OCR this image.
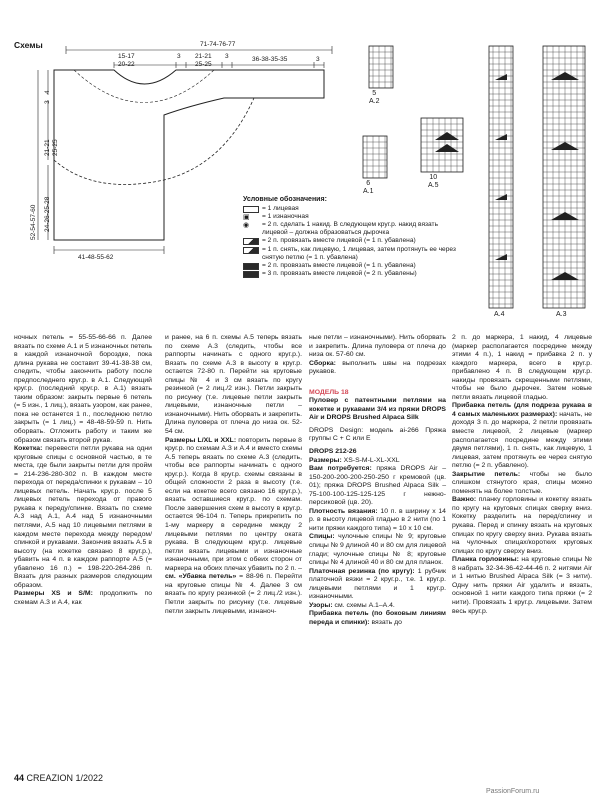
Схемы	71-74-76-77
15-17
20-22
3 21-21
25-25
3	36-38-35-35	3
4
3
21-21
25-25
52-54-57-60 24-26-25-28
41-48-55-62
5
A.2
6
A.1
10
A.5
A.4	A.3
Условные обозначения:
= 1 лицевая
▣	= 1 изнаночная
◉	= 2 п. сделать 1 накид. В следующем круг.р. накид вязать лицевой – должна образоваться дырочка
= 2 п. провязать вместе лицевой (= 1 п. убавлена)
= 1 п. снять, как лицевую, 1 лицевая, затем протянуть ее через снятую петлю (= 1 п. убавлена)
= 2 п. провязать вместе лицевой (= 1 п. убавлена)
= 3 п. провязать вместе лицевой (= 2 п. убавлены)

ночных петель = 55-55-66-66 п. Далее вязать по схеме А.1 и 5 изнаночных петель в каждой изнаночной бороздке, пока длина рукава не составит 39-41-38-38 см, следить, чтобы закончить работу после предпоследнего круг.р. в А.1. Следующий круг.р. (последний круг.р. в А.1) вязать таким образом: закрыть первые 6 петель (= 5 изн., 1 лиц.), вязать узором, как ранее, пока не останется 1 п., последнюю петлю закрыть (= 1 лиц.) = 48-48-59-59 п. Нить оборвать. Отложить работу и таким же образом связать второй рукав.
Кокетка: перевести петли рукава на одни круговые спицы с основной частью, в те места, где были закрыты петли для пройм = 214-236-280-302 п. В каждом месте перехода от переда/спинки к рукавам – 10 лицевых петель. Начать круг.р. после 5 лицевых петель перехода от правого рукава к переду/спинке. Вязать по схеме А.3 над А.1, А.4 над 5 изнаночными петлями, А.5 над 10 лицевыми петлями в каждом месте перехода между передом/спинкой и рукавами. Закончив вязать А.5 в высоту (на кокетке связано 8 круг.р.), убавить на 4 п. в каждом раппорте А.5 (= убавлено 16 п.) = 198-220-264-286 п. Вязать для разных размеров следующим образом.
Размеры XS и S/M: продолжить по схемам А.3 и А.4, как

и ранее, на 6 п. схемы А.5 теперь вязать по схеме А.3 (следить, чтобы все раппорты начинать с одного круг.р.). Вязать по схеме А.3 в высоту в круг.р. остается 72-80 п. Перейти на круговые спицы № 4 и 3 см вязать по кругу резинкой (= 2 лиц./2 изн.). Петли закрыть по рисунку (т.е. лицевые петли закрыть лицевыми, изнаночные петли – изнаночными). Нить оборвать и закрепить. Длина пуловера от плеча до низа ок. 52-54 см.
Размеры L/XL и XXL: повторить первые 8 круг.р. по схемам А.3 и А.4 и вместо схемы А.5 теперь вязать по схеме А.3 (следить, чтобы все раппорты начинать с одного круг.р.). Когда 8 круг.р. схемы связаны в общей сложности 2 раза в высоту (т.е. если на кокетке всего связано 16 круг.р.), вязать оставшиеся круг.р. по схемам. После завершения схем в высоту в круг.р. остается 96-104 п. Теперь прикрепить по 1-му маркеру в середине между 2 лицевыми петлями по центру оката рукава. В следующем круг.р. лицевые петли вязать лицевыми и изнаночные изнаночными, при этом с обеих сторон от маркера на обоих плечах убавить по 2 п. – см. «Убавка петель» = 88-96 п. Перейти на круговые спицы № 4. Далее 3 см вязать по кругу резинкой (= 2 лиц./2 изн.). Петли закрыть по рисунку (т.е. лицевые петли закрыть лицевыми, изнаноч-

ные петли – изнаночными). Нить оборвать и закрепить. Длина пуловера от плеча до низа ок. 57-60 см.
Сборка: выполнить швы на подрезах рукавов.

МОДЕЛЬ 18

Пуловер с патентными петлями на кокетке и рукавами 3/4 из пряжи DROPS Air и DROPS Brushed Alpaca Silk

DROPS Design: модель ai-266 Пряжа группы С + С или Е

DROPS 212-26

Размеры: XS-S-M-L-XL-XXL
Вам потребуется: пряжа DROPS Air – 150-200-200-200-250-250 г кремовой (цв. 01); пряжа DROPS Brushed Alpaca Silk – 75-100-100-125-125-125 г нежно-персиковой (цв. 20).
Плотность вязания: 10 п. в ширину х 14 р. в высоту лицевой гладью в 2 нити (по 1 нити пряжи каждого типа) = 10 х 10 см.
Спицы: чулочные спицы № 9; круговые спицы № 9 длиной 40 и 80 см для лицевой глади; чулочные спицы № 8; круговые спицы № 4 длиной 40 и 80 см для планок.
Платочная резинка (по кругу): 1 рубчик платочной вязки = 2 круг.р., т.е. 1 круг.р. лицевыми петлями и 1 круг.р. изнаночными.
Узоры: см. схемы А.1–А.4.
Прибавка петель (по боковым линиям переда и спинки): вязать до

2 п. до маркера, 1 накид, 4 лицевые (маркер располагается посредине между этими 4 п.), 1 накид = прибавка 2 п. у каждого маркера, всего в круг.р. прибавлено 4 п. В следующем круг.р. накиды провязать скрещенными петлями, чтобы не было дырочек. Затем новые петли вязать лицевой гладью.
Прибавка петель (для подреза рукава в 4 самых маленьких размерах): начать, не доходя 3 п. до маркера, 2 петли провязать вместе лицевой, 2 лицевые (маркер располагается посредине между этими двумя петлями), 1 п. снять, как лицевую, 1 лицевая, затем протянуть ее через снятую петлю (= 2 п. убавлено).
Закрытие петель: чтобы не было слишком стянутого края, спицы можно поменять на более толстые.
Важно: планку горловины и кокетку вязать по кругу на круговых спицах сверху вниз. Кокетку разделить на перед/спинку и рукава. Перед и спинку вязать на круговых спицах по кругу сверху вниз. Рукава вязать на чулочных спицах/коротких круговых спицах по кругу сверху вниз.
Планка горловины: на круговые спицы № 8 набрать 32-34-36-42-44-46 п. 2 нитями Air и 1 нитью Brushed Alpaca Silk (= 3 нити). Одну нить пряжи Air удалить и вязать, основной 1 нити каждого типа пряжи (= 2 нити). Провязать 1 круг.р. лицевыми. Затем весь круг.р.

44 CREAZION 1/2022
PassionForum.ru
